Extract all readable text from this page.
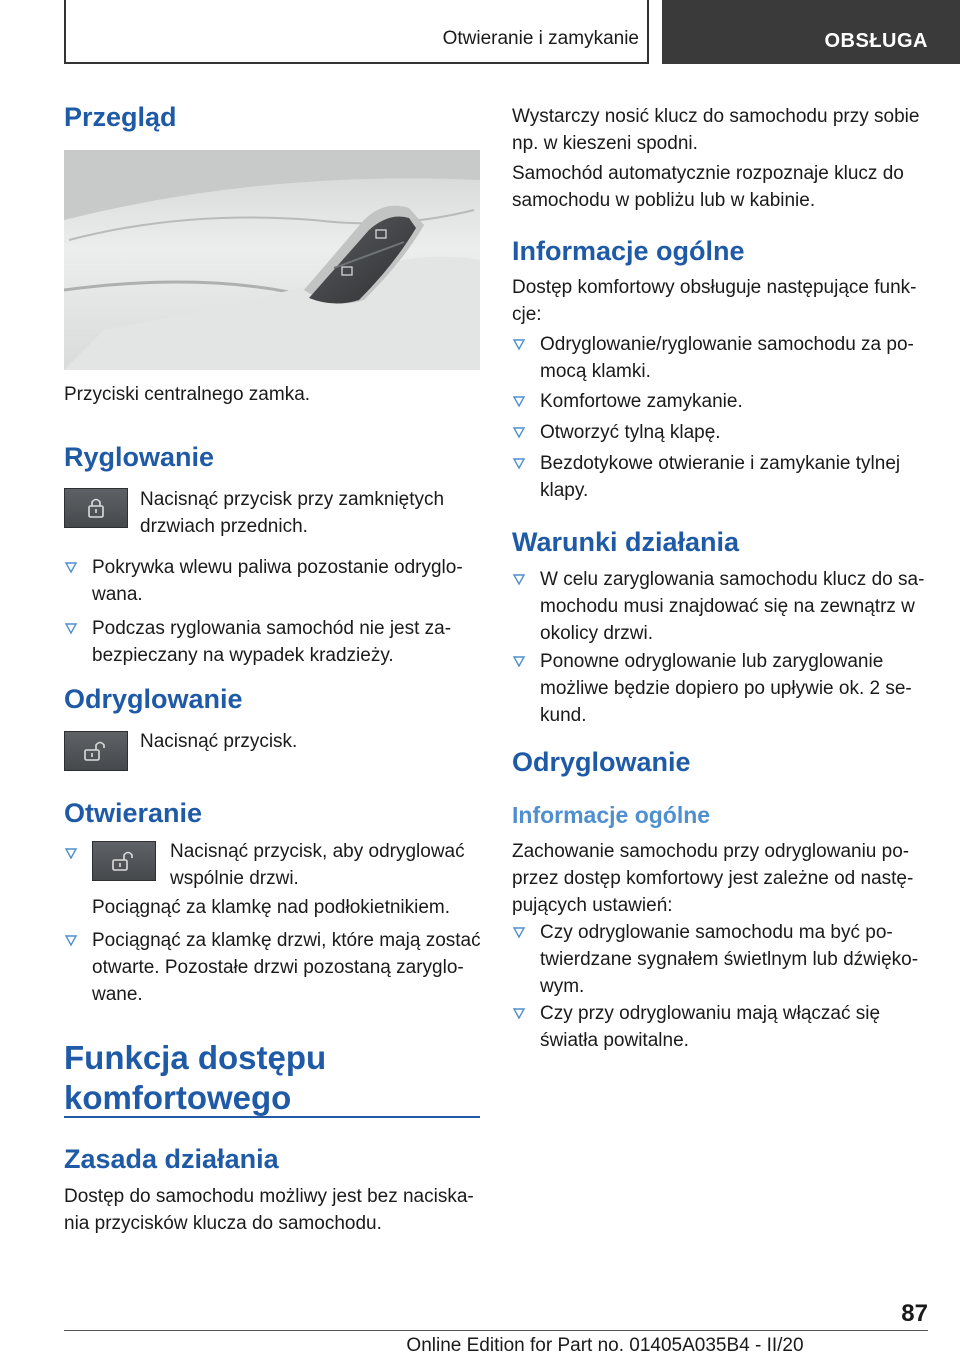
Otwieranie i zamykanie	OBSŁUGA
Przegląd
Przyciski centralnego zamka.
Ryglowanie
Nacisnąć przycisk przy zamkniętych drzwiach przednich.
Pokrywka wlewu paliwa pozostanie odryglo- wana.
Podczas ryglowania samochód nie jest za- bezpieczany na wypadek kradzieży.
Odryglowanie
Nacisnąć przycisk.
Otwieranie
Nacisnąć przycisk, aby odryglować wspólnie drzwi.
Pociągnąć za klamkę nad podłokietnikiem.
Pociągnąć za klamkę drzwi, które mają zostać otwarte. Pozostałe drzwi pozostaną zaryglo- wane.
Funkcja dostępu komfortowego
Zasada działania
Dostęp do samochodu możliwy jest bez naciska- nia przycisków klucza do samochodu.
Wystarczy nosić klucz do samochodu przy sobie np. w kieszeni spodni.
Samochód automatycznie rozpoznaje klucz do samochodu w pobliżu lub w kabinie.
Informacje ogólne
Dostęp komfortowy obsługuje następujące funk- cje:
Odryglowanie/ryglowanie samochodu za po- mocą klamki.
Komfortowe zamykanie.
Otworzyć tylną klapę.
Bezdotykowe otwieranie i zamykanie tylnej klapy.
Warunki działania
W celu zaryglowania samochodu klucz do sa- mochodu musi znajdować się na zewnątrz w okolicy drzwi.
Ponowne odryglowanie lub zaryglowanie możliwe będzie dopiero po upływie ok. 2 se- kund.
Odryglowanie
Informacje ogólne
Zachowanie samochodu przy odryglowaniu po- przez dostęp komfortowy jest zależne od nastę- pujących ustawień:
Czy odryglowanie samochodu ma być po- twierdzane sygnałem świetlnym lub dźwięko- wym.
Czy przy odryglowaniu mają włączać się światła powitalne.
87
Online Edition for Part no. 01405A035B4 - II/20
